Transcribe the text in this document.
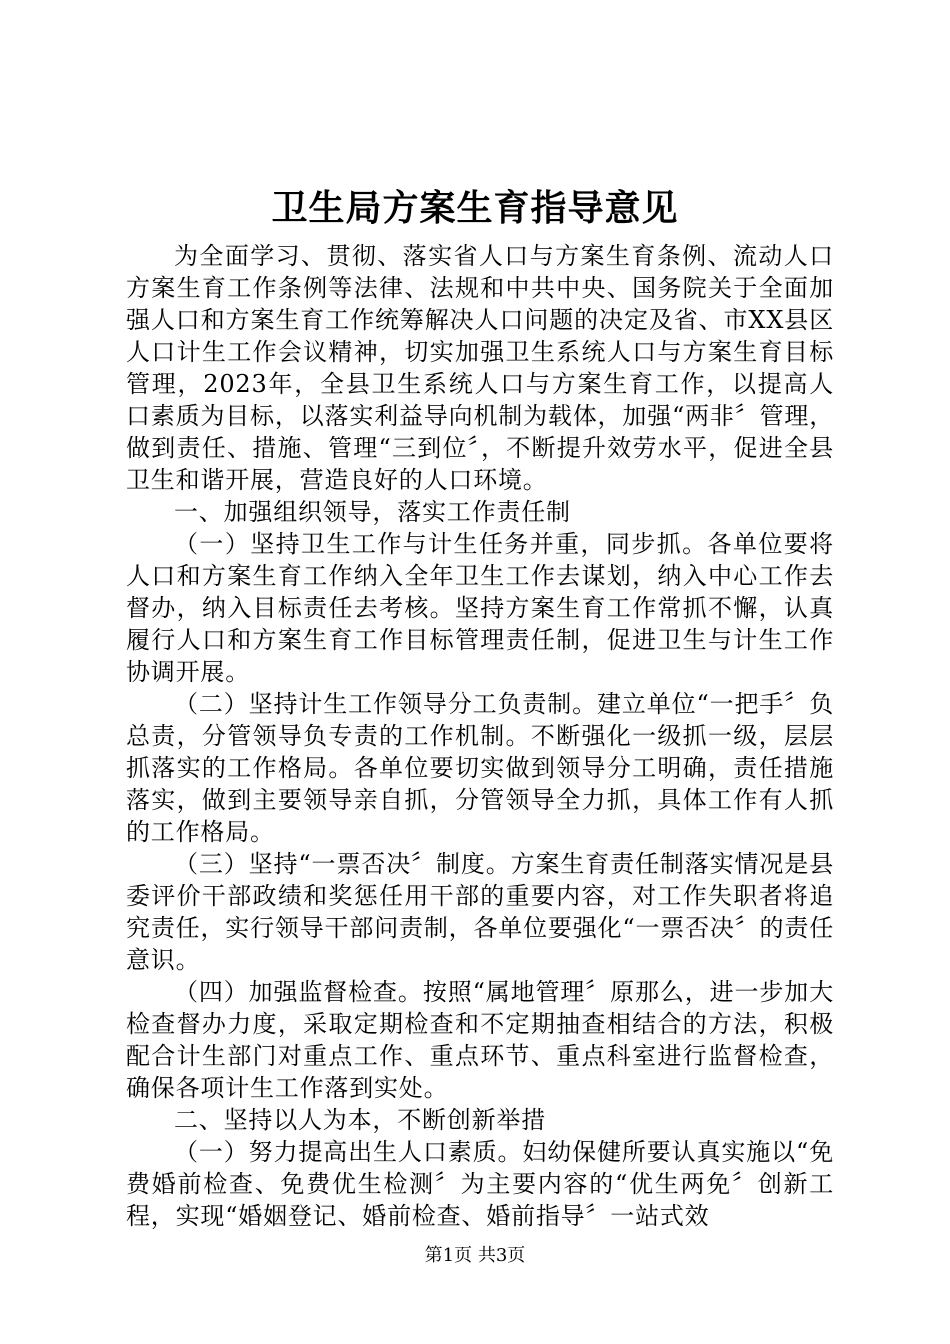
卫生局方案生育指导意见

为全面学习、贯彻、落实省人口与方案生育条例、流动人口方案生育工作条例等法律、法规和中共中央、国务院关于全面加强人口和方案生育工作统筹解决人口问题的决定及省、市XX县区人口计生工作会议精神，切实加强卫生系统人口与方案生育目标管理，2023年，全县卫生系统人口与方案生育工作，以提高人口素质为目标，以落实利益导向机制为载体，加强“两非〞管理，做到责任、措施、管理“三到位〞，不断提升效劳水平，促进全县卫生和谐开展，营造良好的人口环境。

一、加强组织领导，落实工作责任制

（一）坚持卫生工作与计生任务并重，同步抓。各单位要将人口和方案生育工作纳入全年卫生工作去谋划，纳入中心工作去督办，纳入目标责任去考核。坚持方案生育工作常抓不懈，认真履行人口和方案生育工作目标管理责任制，促进卫生与计生工作协调开展。

（二）坚持计生工作领导分工负责制。建立单位“一把手〞负总责，分管领导负专责的工作机制。不断强化一级抓一级，层层抓落实的工作格局。各单位要切实做到领导分工明确，责任措施落实，做到主要领导亲自抓，分管领导全力抓，具体工作有人抓的工作格局。

（三）坚持“一票否决〞制度。方案生育责任制落实情况是县委评价干部政绩和奖惩任用干部的重要内容，对工作失职者将追究责任，实行领导干部问责制，各单位要强化“一票否决〞的责任意识。

（四）加强监督检查。按照“属地管理〞原那么，进一步加大检查督办力度，采取定期检查和不定期抽查相结合的方法，积极配合计生部门对重点工作、重点环节、重点科室进行监督检查，确保各项计生工作落到实处。

二、坚持以人为本，不断创新举措

（一）努力提高出生人口素质。妇幼保健所要认真实施以“免费婚前检查、免费优生检测〞为主要内容的“优生两免〞创新工程，实现“婚姻登记、婚前检查、婚前指导〞一站式效

第1页 共3页
